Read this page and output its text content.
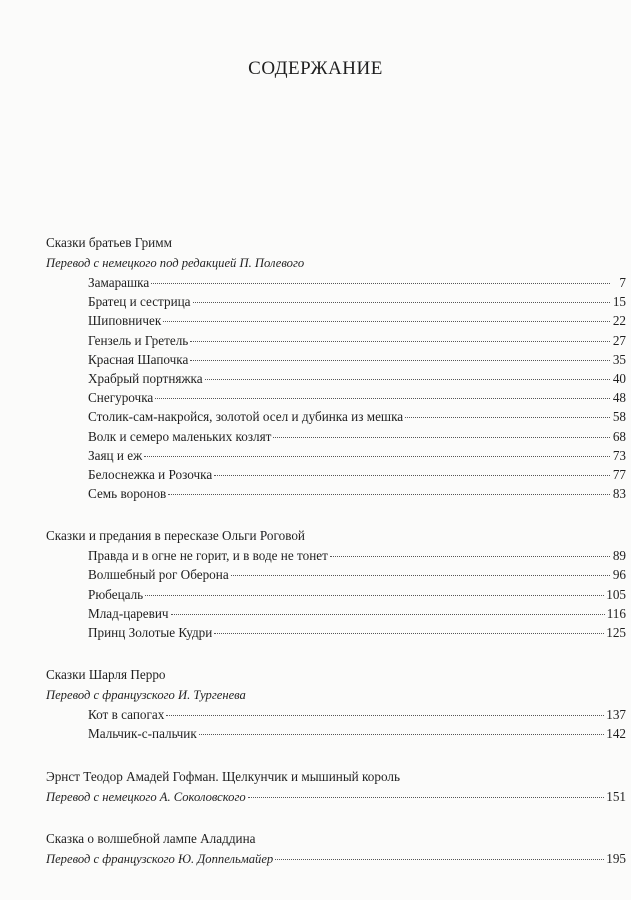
СОДЕРЖАНИЕ
Сказки братьев Гримм
Перевод с немецкого под редакцией П. Полевого
Замарашка	7
Братец и сестрица	15
Шиповничек	22
Гензель и Гретель	27
Красная Шапочка	35
Храбрый портняжка	40
Снегурочка	48
Столик-сам-накройся, золотой осел и дубинка из мешка	58
Волк и семеро маленьких козлят	68
Заяц и еж	73
Белоснежка и Розочка	77
Семь воронов	83
Сказки и предания в пересказе Ольги Роговой
Правда и в огне не горит, и в воде не тонет	89
Волшебный рог Оберона	96
Рюбецаль	105
Млад-царевич	116
Принц Золотые Кудри	125
Сказки Шарля Перро
Перевод с французского И. Тургенева
Кот в сапогах	137
Мальчик-с-пальчик	142
Эрнст Теодор Амадей Гофман. Щелкунчик и мышиный король
Перевод с немецкого А. Соколовского	151
Сказка о волшебной лампе Аладдина
Перевод с французского Ю. Доппельмайер	195
